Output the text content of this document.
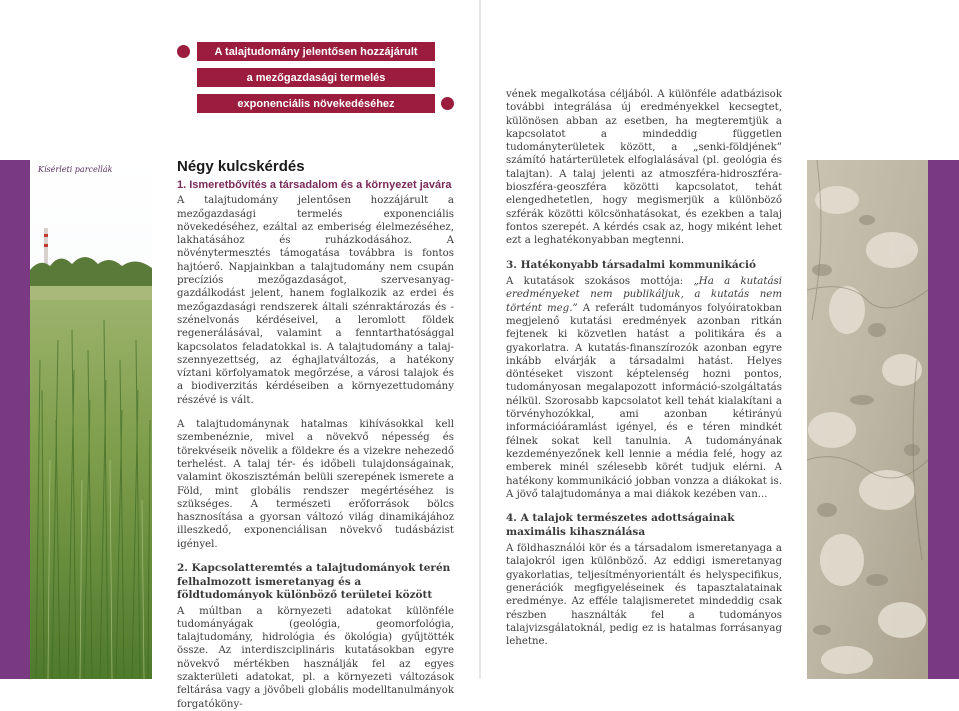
A talajtudomány jelentősen hozzájárult
a mezőgazdasági termelés
exponenciális növekedéséhez
Kísérleti parcellák	Négy kulcskérdés
1. Ismeretbővítés a társadalom és a környezet javára

A talajtudomány jelentősen hozzájárult a mezőgazdasági termelés exponenciális növekedéséhez, ezáltal az emberiség élelmezéséhez, lakhatásához és ruházkodásához. A növénytermesztés támogatása továbbra is fontos hajtóerő. Napjainkban a talajtudomány nem csupán precíziós mezőgazdaságot, szervesanyag-gazdálkodást jelent, hanem foglalkozik az erdei és mezőgazdasági rendszerek általi szénraktározás és -szénelvonás kérdéseivel, a leromlott földek regenerálásával, valamint a fenntarthatósággal kapcsolatos feladatokkal is. A talajtudomány a talaj-szennyezettség, az éghajlatváltozás, a hatékony víztani körfolyamatok megőrzése, a városi talajok és a biodiverzitás kérdéseiben a környezettudomány részévé is vált.

A talajtudománynak hatalmas kihívásokkal kell szembenéznie, mivel a növekvő népesség és törekvéseik növelik a földekre és a vizekre nehezedő terhelést. A talaj tér- és időbeli tulajdonságainak, valamint ökoszisztémán belüli szerepének ismerete a Föld, mint globális rendszer megértéséhez is szükséges. A természeti erőforrások bölcs hasznosítása a gyorsan változó világ dinamikájához illeszkedő, exponenciálisan növekvő tudásbázist igényel.

2. Kapcsolatteremtés a talajtudományok terén felhalmozott ismeretanyag és a földtudományok különböző területei között

A múltban a környezeti adatokat különféle tudományágak (geológia, geomorfológia, talajtudomány, hidrológia és ökológia) gyűjtötték össze. Az interdiszciplináris kutatásokban egyre növekvő mértékben használják fel az egyes szakterületi adatokat, pl. a környezeti változások feltárása vagy a jövőbeli globális modelltanulmányok forgatóköny-

vének megalkotása céljából. A különféle adatbázisok további integrálása új eredményekkel kecsegtet, különösen abban az esetben, ha megteremtjük a kapcsolatot a mindeddig független tudományterületek között, a „senki-földjének” számító határterületek elfoglalásával (pl. geológia és talajtan). A talaj jelenti az atmoszféra-hidroszféra-bioszféra-geoszféra közötti kapcsolatot, tehát elengedhetetlen, hogy megismerjük a különböző szférák közötti kölcsönhatásokat, és ezekben a talaj fontos szerepét. A kérdés csak az, hogy miként lehet ezt a leghatékonyabban megtenni.

3. Hatékonyabb társadalmi kommunikáció

A kutatások szokásos mottója: „Ha a kutatási eredményeket nem publikáljuk, a kutatás nem történt meg.” A referált tudományos folyóiratokban megjelenő kutatási eredmények azonban ritkán fejtenek ki közvetlen hatást a politikára és a gyakorlatra. A kutatás-finanszírozók azonban egyre inkább elvárják a társadalmi hatást. Helyes döntéseket viszont képtelenség hozni pontos, tudományosan megalapozott információ-szolgáltatás nélkül. Szorosabb kapcsolatot kell tehát kialakítani a törvényhozókkal, ami azonban kétirányú információáramlást igényel, és e téren mindkét félnek sokat kell tanulnia. A tudományának kezdeményezőnek kell lennie a média felé, hogy az emberek minél szélesebb körét tudjuk elérni. A hatékony kommunikáció jobban vonzza a diákokat is. A jövő talajtudománya a mai diákok kezében van...

4. A talajok természetes adottságainak maximális kihasználása

A földhasználói kör és a társadalom ismeretanyaga a talajokról igen különböző. Az eddigi ismeretanyag gyakorlatias, teljesítményorientált és helyspecifikus, generációk megfigyeléseinek és tapasztalatainak eredménye. Az efféle talajismeretet mindeddig csak részben használták fel a tudományos talajvizsgálatoknál, pedig ez is hatalmas forrásanyag lehetne.
